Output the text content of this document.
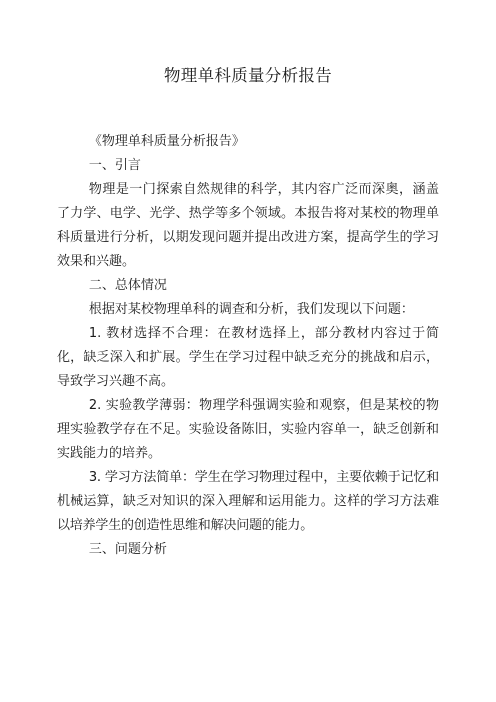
物理单科质量分析报告

《物理单科质量分析报告》

一、引言

物理是一门探索自然规律的科学，其内容广泛而深奥，涵盖了力学、电学、光学、热学等多个领域。本报告将对某校的物理单科质量进行分析，以期发现问题并提出改进方案，提高学生的学习效果和兴趣。

二、总体情况

根据对某校物理单科的调查和分析，我们发现以下问题：

1. 教材选择不合理：在教材选择上，部分教材内容过于简化，缺乏深入和扩展。学生在学习过程中缺乏充分的挑战和启示，导致学习兴趣不高。

2. 实验教学薄弱：物理学科强调实验和观察，但是某校的物理实验教学存在不足。实验设备陈旧，实验内容单一，缺乏创新和实践能力的培养。

3. 学习方法简单：学生在学习物理过程中，主要依赖于记忆和机械运算，缺乏对知识的深入理解和运用能力。这样的学习方法难以培养学生的创造性思维和解决问题的能力。

三、问题分析
